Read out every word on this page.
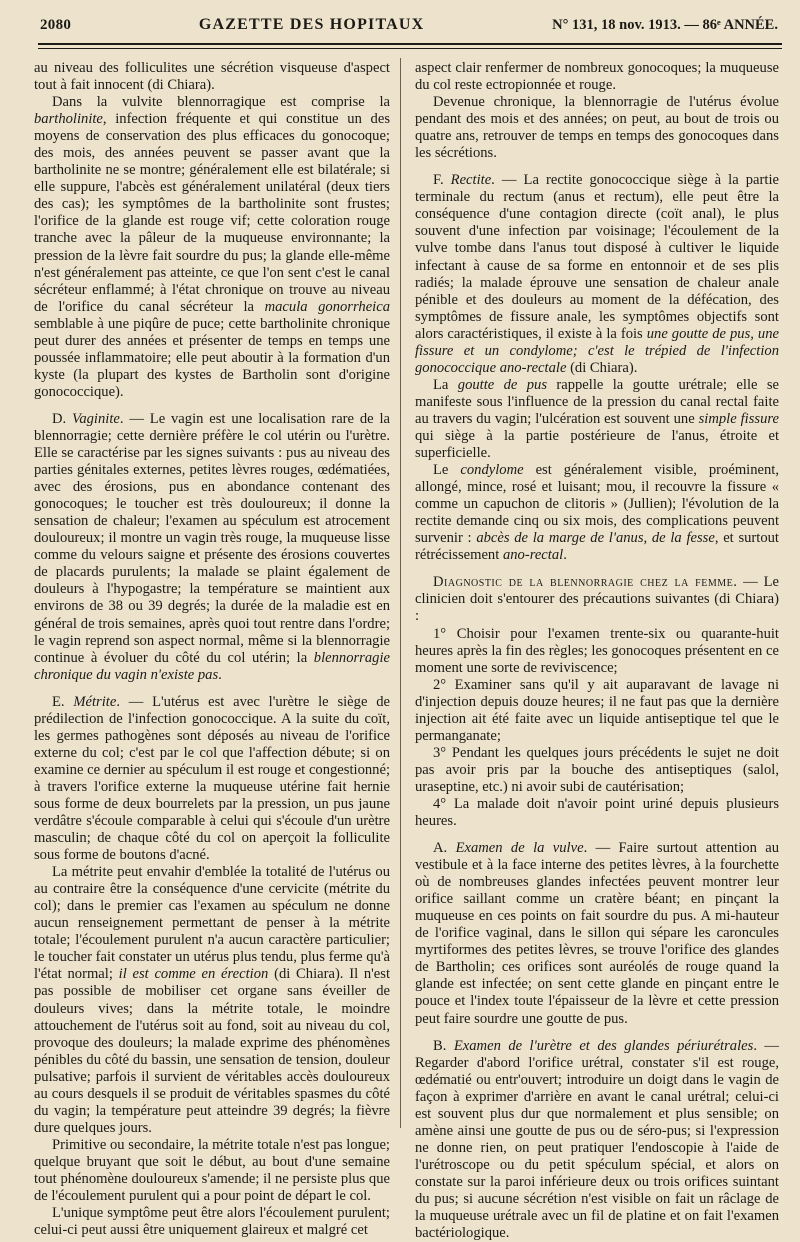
2080	GAZETTE DES HOPITAUX	N° 131, 18 nov. 1913. — 86ᵉ ANNÉE.

au niveau des folliculites une sécrétion visqueuse d'aspect tout à fait innocent (di Chiara).

Dans la vulvite blennorragique est comprise la bartholinite, infection fréquente et qui constitue un des moyens de conservation des plus efficaces du gonocoque; des mois, des années peuvent se passer avant que la bartholinite ne se montre; généralement elle est bilatérale; si elle suppure, l'abcès est généralement unilatéral (deux tiers des cas); les symptômes de la bartholinite sont frustes; l'orifice de la glande est rouge vif; cette coloration rouge tranche avec la pâleur de la muqueuse environnante; la pression de la lèvre fait sourdre du pus; la glande elle-même n'est généralement pas atteinte, ce que l'on sent c'est le canal sécréteur enflammé; à l'état chronique on trouve au niveau de l'orifice du canal sécréteur la macula gonorrheica semblable à une piqûre de puce; cette bartholinite chronique peut durer des années et présenter de temps en temps une poussée inflammatoire; elle peut aboutir à la formation d'un kyste (la plupart des kystes de Bartholin sont d'origine gonococcique).

D. Vaginite. — Le vagin est une localisation rare de la blennorragie; cette dernière préfère le col utérin ou l'urètre. Elle se caractérise par les signes suivants : pus au niveau des parties génitales externes, petites lèvres rouges, œdématiées, avec des érosions, pus en abondance contenant des gonocoques; le toucher est très douloureux; il donne la sensation de chaleur; l'examen au spéculum est atrocement douloureux; il montre un vagin très rouge, la muqueuse lisse comme du velours saigne et présente des érosions couvertes de placards purulents; la malade se plaint également de douleurs à l'hypogastre; la température se maintient aux environs de 38 ou 39 degrés; la durée de la maladie est en général de trois semaines, après quoi tout rentre dans l'ordre; le vagin reprend son aspect normal, même si la blennorragie continue à évoluer du côté du col utérin; la blennorragie chronique du vagin n'existe pas.

E. Métrite. — L'utérus est avec l'urètre le siège de prédilection de l'infection gonococcique. A la suite du coït, les germes pathogènes sont déposés au niveau de l'orifice externe du col; c'est par le col que l'affection débute; si on examine ce dernier au spéculum il est rouge et congestionné; à travers l'orifice externe la muqueuse utérine fait hernie sous forme de deux bourrelets par la pression, un pus jaune verdâtre s'écoule comparable à celui qui s'écoule d'un urètre masculin; de chaque côté du col on aperçoit la folliculite sous forme de boutons d'acné.

La métrite peut envahir d'emblée la totalité de l'utérus ou au contraire être la conséquence d'une cervicite (métrite du col); dans le premier cas l'examen au spéculum ne donne aucun renseignement permettant de penser à la métrite totale; l'écoulement purulent n'a aucun caractère particulier; le toucher fait constater un utérus plus tendu, plus ferme qu'à l'état normal; il est comme en érection (di Chiara). Il n'est pas possible de mobiliser cet organe sans éveiller de douleurs vives; dans la métrite totale, le moindre attouchement de l'utérus soit au fond, soit au niveau du col, provoque des douleurs; la malade exprime des phénomènes pénibles du côté du bassin, une sensation de tension, douleur pulsative; parfois il survient de véritables accès douloureux au cours desquels il se produit de véritables spasmes du côté du vagin; la température peut atteindre 39 degrés; la fièvre dure quelques jours.

Primitive ou secondaire, la métrite totale n'est pas longue; quelque bruyant que soit le début, au bout d'une semaine tout phénomène douloureux s'amende; il ne persiste plus que de l'écoulement purulent qui a pour point de départ le col.

L'unique symptôme peut être alors l'écoulement purulent; celui-ci peut aussi être uniquement glaireux et malgré cet

aspect clair renfermer de nombreux gonocoques; la muqueuse du col reste ectropionnée et rouge.

Devenue chronique, la blennorragie de l'utérus évolue pendant des mois et des années; on peut, au bout de trois ou quatre ans, retrouver de temps en temps des gonocoques dans les sécrétions.

F. Rectite. — La rectite gonococcique siège à la partie terminale du rectum (anus et rectum), elle peut être la conséquence d'une contagion directe (coït anal), le plus souvent d'une infection par voisinage; l'écoulement de la vulve tombe dans l'anus tout disposé à cultiver le liquide infectant à cause de sa forme en entonnoir et de ses plis radiés; la malade éprouve une sensation de chaleur anale pénible et des douleurs au moment de la défécation, des symptômes de fissure anale, les symptômes objectifs sont alors caractéristiques, il existe à la fois une goutte de pus, une fissure et un condylome; c'est le trépied de l'infection gonococcique ano-rectale (di Chiara).

La goutte de pus rappelle la goutte urétrale; elle se manifeste sous l'influence de la pression du canal rectal faite au travers du vagin; l'ulcération est souvent une simple fissure qui siège à la partie postérieure de l'anus, étroite et superficielle.

Le condylome est généralement visible, proéminent, allongé, mince, rosé et luisant; mou, il recouvre la fissure « comme un capuchon de clitoris » (Jullien); l'évolution de la rectite demande cinq ou six mois, des complications peuvent survenir : abcès de la marge de l'anus, de la fesse, et surtout rétrécissement ano-rectal.

Diagnostic de la blennorragie chez la femme. — Le clinicien doit s'entourer des précautions suivantes (di Chiara) :

1° Choisir pour l'examen trente-six ou quarante-huit heures après la fin des règles; les gonocoques présentent en ce moment une sorte de reviviscence;

2° Examiner sans qu'il y ait auparavant de lavage ni d'injection depuis douze heures; il ne faut pas que la dernière injection ait été faite avec un liquide antiseptique tel que le permanganate;

3° Pendant les quelques jours précédents le sujet ne doit pas avoir pris par la bouche des antiseptiques (salol, uraseptine, etc.) ni avoir subi de cautérisation;

4° La malade doit n'avoir point uriné depuis plusieurs heures.

A. Examen de la vulve. — Faire surtout attention au vestibule et à la face interne des petites lèvres, à la fourchette où de nombreuses glandes infectées peuvent montrer leur orifice saillant comme un cratère béant; en pinçant la muqueuse en ces points on fait sourdre du pus. A mi-hauteur de l'orifice vaginal, dans le sillon qui sépare les caroncules myrtiformes des petites lèvres, se trouve l'orifice des glandes de Bartholin; ces orifices sont auréolés de rouge quand la glande est infectée; on sent cette glande en pinçant entre le pouce et l'index toute l'épaisseur de la lèvre et cette pression peut faire sourdre une goutte de pus.

B. Examen de l'urètre et des glandes périurétrales. — Regarder d'abord l'orifice urétral, constater s'il est rouge, œdématié ou entr'ouvert; introduire un doigt dans le vagin de façon à exprimer d'arrière en avant le canal urétral; celui-ci est souvent plus dur que normalement et plus sensible; on amène ainsi une goutte de pus ou de séro-pus; si l'expression ne donne rien, on peut pratiquer l'endoscopie à l'aide de l'urétroscope ou du petit spéculum spécial, et alors on constate sur la paroi inférieure deux ou trois orifices suintant du pus; si aucune sécrétion n'est visible on fait un râclage de la muqueuse urétrale avec un fil de platine et on fait l'examen bactériologique.
